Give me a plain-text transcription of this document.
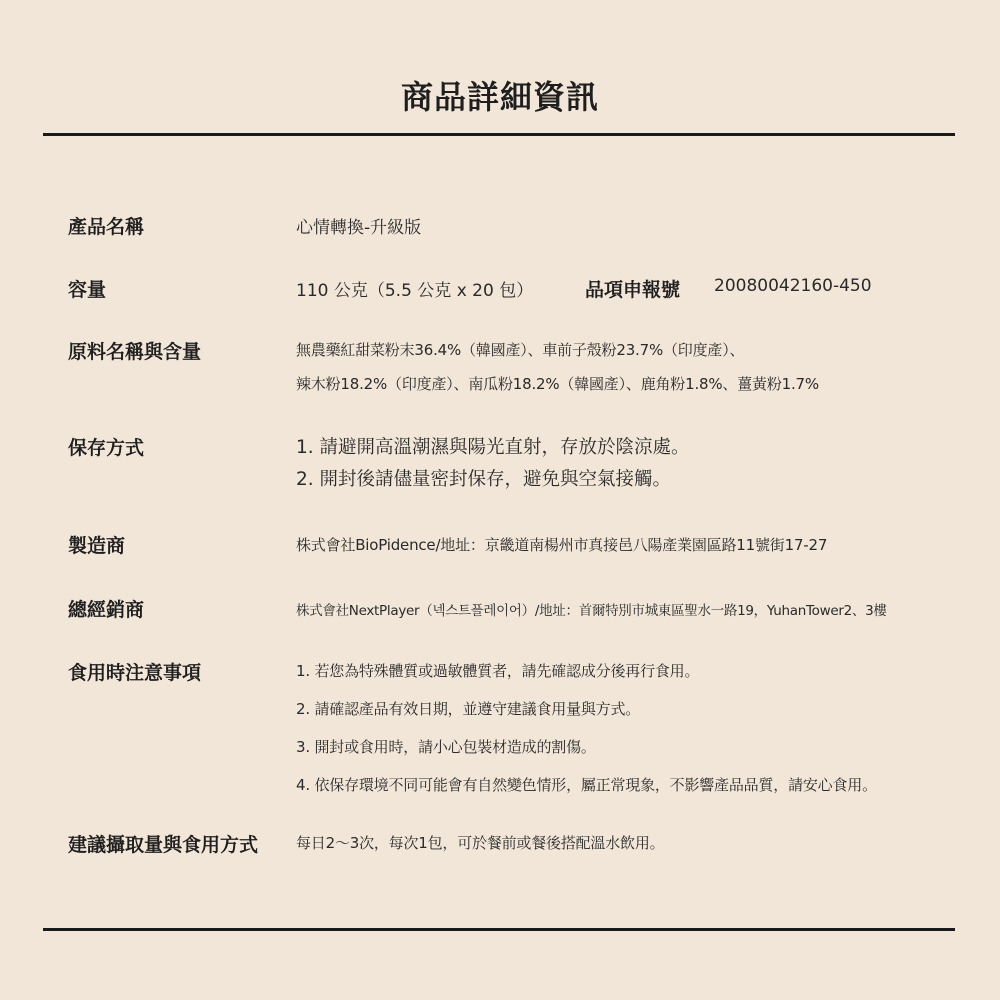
商品詳細資訊
產品名稱	心情轉換-升級版
容量	110 公克（5.5 公克 x 20 包）	品項申報號 20080042160-450
原料名稱與含量	無農藥紅甜菜粉末36.4%（韓國產）、車前子殼粉23.7%（印度產）、
辣木粉18.2%（印度產）、南瓜粉18.2%（韓國產）、鹿角粉1.8%、薑黃粉1.7%
保存方式	1. 請避開高溫潮濕與陽光直射，存放於陰涼處。
2. 開封後請儘量密封保存，避免與空氣接觸。
製造商	株式會社BioPidence/地址：京畿道南楊州市真接邑八陽產業園區路11號街17-27
總經銷商	株式會社NextPlayer（넥스트플레이어）/地址：首爾特別市城東區聖水一路19，YuhanTower2、3樓
食用時注意事項	1. 若您為特殊體質或過敏體質者，請先確認成分後再行食用。
2. 請確認產品有效日期，並遵守建議食用量與方式。
3. 開封或食用時，請小心包裝材造成的割傷。
4. 依保存環境不同可能會有自然變色情形，屬正常現象，不影響產品品質，請安心食用。
建議攝取量與食用方式	每日2～3次，每次1包，可於餐前或餐後搭配溫水飲用。
